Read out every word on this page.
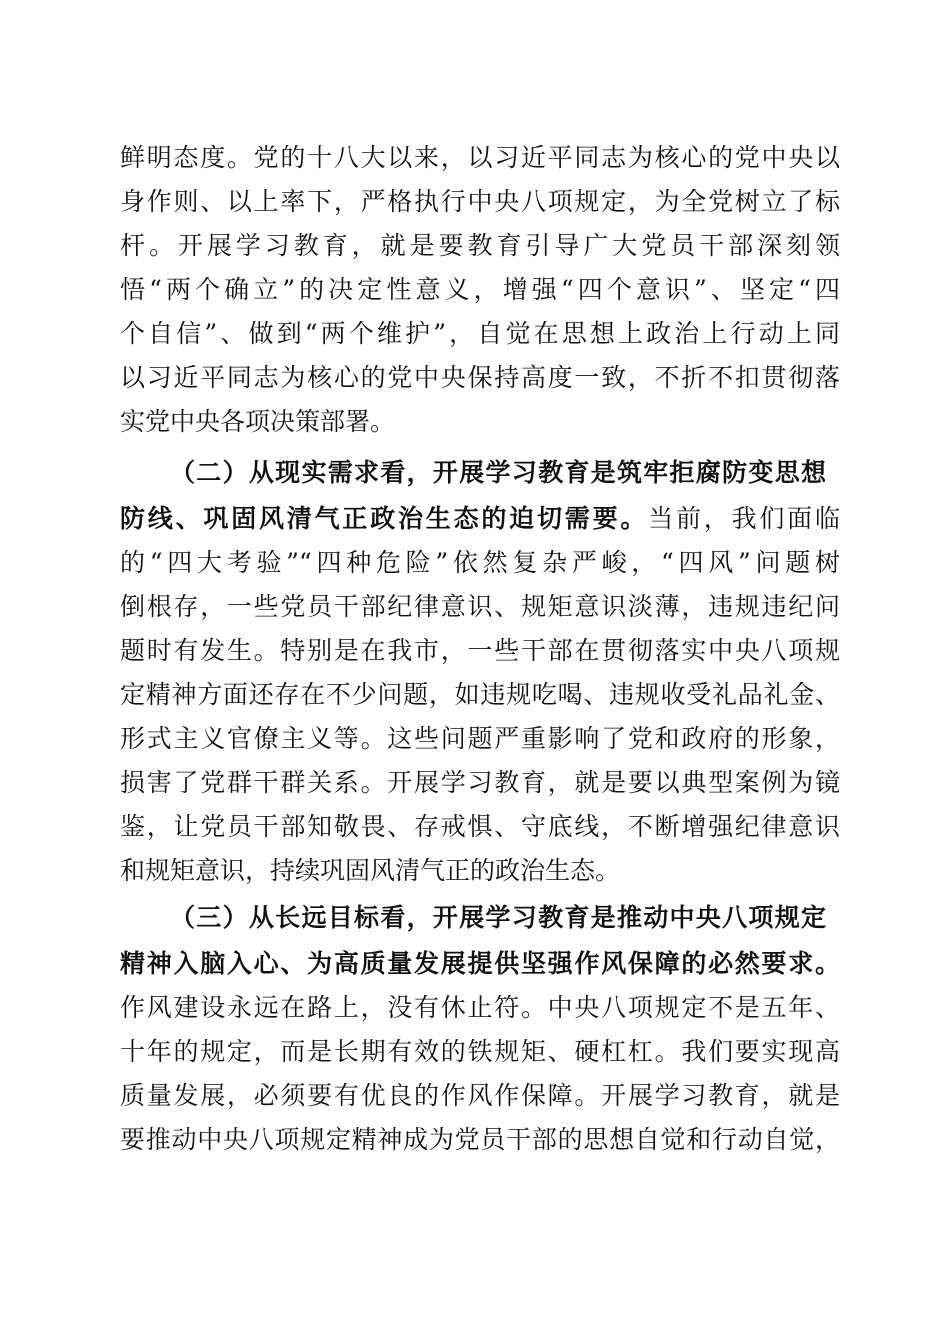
鲜明态度。党的十八大以来，以习近平同志为核心的党中央以
身作则、以上率下，严格执行中央八项规定，为全党树立了标
杆。开展学习教育，就是要教育引导广大党员干部深刻领
悟“两个确立”的决定性意义，增强“四个意识”、坚定“四
个自信”、做到“两个维护”，自觉在思想上政治上行动上同
以习近平同志为核心的党中央保持高度一致，不折不扣贯彻落
实党中央各项决策部署。
（二）从现实需求看，开展学习教育是筑牢拒腐防变思想
防线、巩固风清气正政治生态的迫切需要。当前，我们面临
的“四大考验”“四种危险”依然复杂严峻，“四风”问题树
倒根存，一些党员干部纪律意识、规矩意识淡薄，违规违纪问
题时有发生。特别是在我市，一些干部在贯彻落实中央八项规
定精神方面还存在不少问题，如违规吃喝、违规收受礼品礼金、
形式主义官僚主义等。这些问题严重影响了党和政府的形象，
损害了党群干群关系。开展学习教育，就是要以典型案例为镜
鉴，让党员干部知敬畏、存戒惧、守底线，不断增强纪律意识
和规矩意识，持续巩固风清气正的政治生态。
（三）从长远目标看，开展学习教育是推动中央八项规定
精神入脑入心、为高质量发展提供坚强作风保障的必然要求。
作风建设永远在路上，没有休止符。中央八项规定不是五年、
十年的规定，而是长期有效的铁规矩、硬杠杠。我们要实现高
质量发展，必须要有优良的作风作保障。开展学习教育，就是
要推动中央八项规定精神成为党员干部的思想自觉和行动自觉，
